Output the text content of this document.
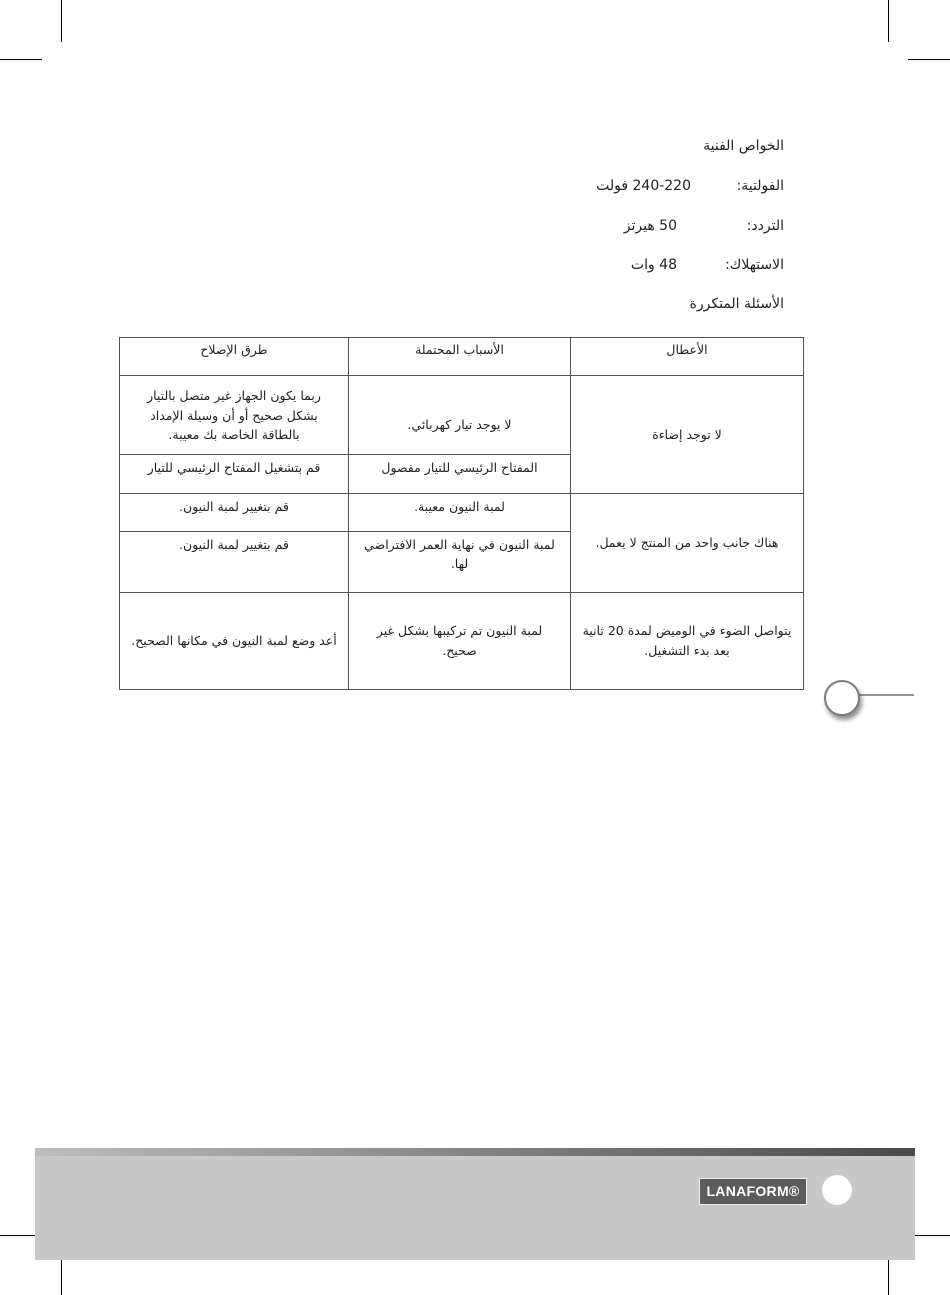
الخواص الفنية
الفولتية:
240-220 فولت
التردد:
50 هيرتز
الاستهلاك:
48 وات
الأسئلة المتكررة
الأعطال	الأسباب المحتملة	طرق الإصلاح
لا توجد إضاءة	لا يوجد تيار كهربائي.	ربما يكون الجهاز غير متصل بالتيار بشكل صحيح أو أن وسيلة الإمداد بالطاقة الخاصة بك معيبة.
	المفتاح الرئيسي للتيار مفصول	قم بتشغيل المفتاح الرئيسي للتيار
هناك جانب واحد من المنتج لا يعمل.	لمبة النيون معيبة.	قم بتغيير لمبة النيون.
	لمبة النيون في نهاية العمر الافتراضي لها.	قم بتغيير لمبة النيون.
يتواصل الضوء في الوميض لمدة 20 ثانية بعد بدء التشغيل.	لمبة النيون تم تركيبها بشكل غير صحيح.	أعد وضع لمبة النيون في مكانها الصحيح.
LANAFORM®
